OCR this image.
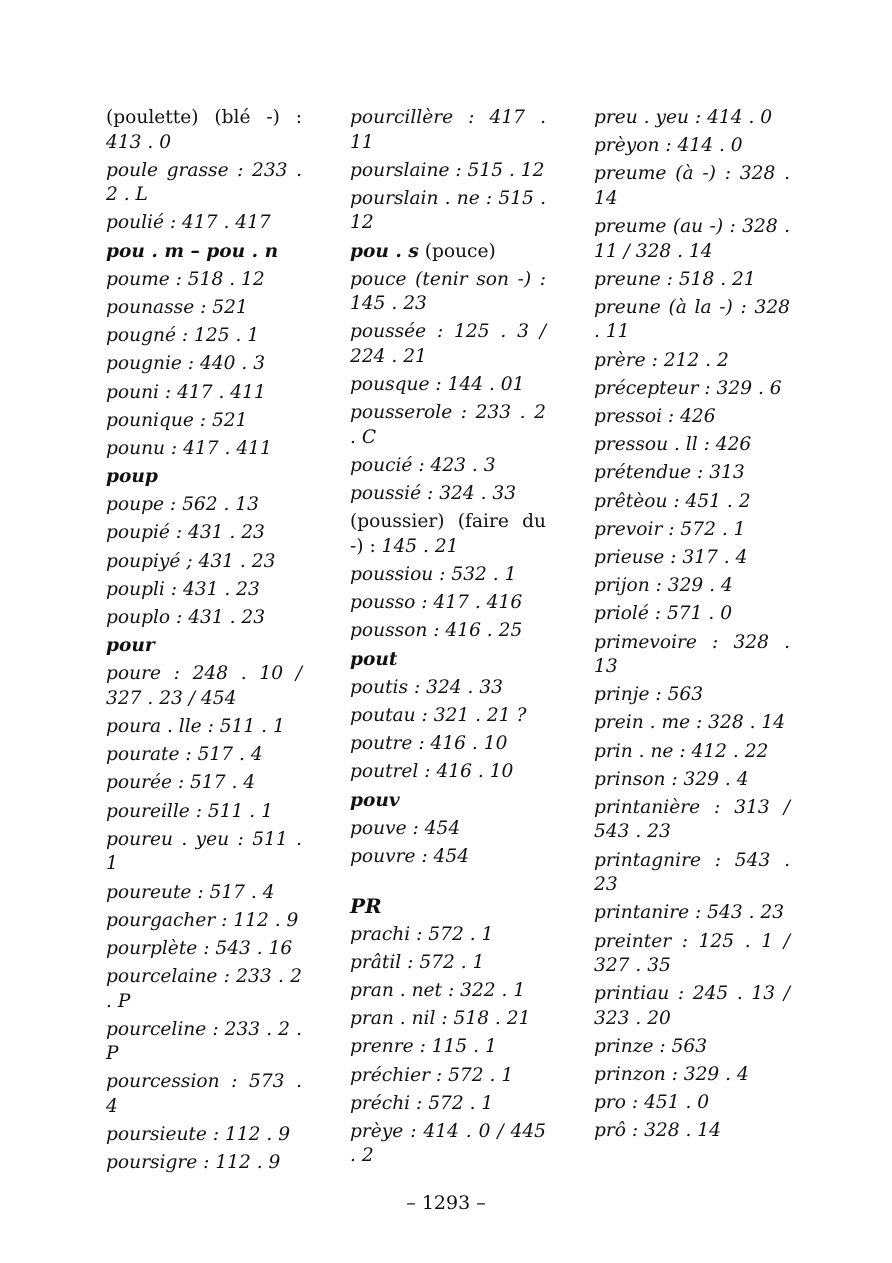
(poulette) (blé -) : 413 . 0
poule grasse : 233 . 2 . L
poulié : 417 . 417
pou . m – pou . n
poume : 518 . 12
pounasse : 521
pougné : 125 . 1
pougnie : 440 . 3
pouni : 417 . 411
pounique : 521
pounu : 417 . 411
poup
poupe : 562 . 13
poupié : 431 . 23
poupiyé ; 431 . 23
poupli : 431 . 23
pouplo : 431 . 23
pour
poure : 248 . 10 / 327 . 23 / 454
poura . lle : 511 . 1
pourate : 517 . 4
pourée : 517 . 4
poureille : 511 . 1
poureu . yeu : 511 . 1
poureute : 517 . 4
pourgacher : 112 . 9
pourplète : 543 . 16
pourcelaine : 233 . 2 . P
pourceline : 233 . 2 . P
pourcession : 573 . 4
poursieute : 112 . 9
poursigre : 112 . 9
pourcillère : 417 . 11
pourslaine : 515 . 12
pourslain . ne : 515 . 12
pou . s (pouce)
pouce (tenir son -) : 145 . 23
poussée : 125 . 3 / 224 . 21
pousque : 144 . 01
pousserole : 233 . 2 . C
poucié : 423 . 3
poussié : 324 . 33
(poussier) (faire du -) : 145 . 21
poussiou : 532 . 1
pousso : 417 . 416
pousson : 416 . 25
pout
poutis : 324 . 33
poutau : 321 . 21 ?
poutre : 416 . 10
poutrel : 416 . 10
pouv
pouve : 454
pouvre : 454
PR
prachi : 572 . 1
prâtil : 572 . 1
pran . net : 322 . 1
pran . nil : 518 . 21
prenre : 115 . 1
préchier : 572 . 1
préchi : 572 . 1
prèye : 414 . 0 / 445 . 2
preu . yeu : 414 . 0
prèyon : 414 . 0
preume (à -) : 328 . 14
preume (au -) : 328 . 11 / 328 . 14
preune : 518 . 21
preune (à la -) : 328 . 11
prère : 212 . 2
précepteur : 329 . 6
pressoi : 426
pressou . ll : 426
prétendue : 313
prêtèou : 451 . 2
prevoir : 572 . 1
prieuse : 317 . 4
prijon : 329 . 4
priolé : 571 . 0
primevoire : 328 . 13
prinje : 563
prein . me : 328 . 14
prin . ne : 412 . 22
prinson : 329 . 4
printanière : 313 / 543 . 23
printagnire : 543 . 23
printanire : 543 . 23
preinter : 125 . 1 / 327 . 35
printiau : 245 . 13 / 323 . 20
prinze : 563
prinzon : 329 . 4
pro : 451 . 0
prô : 328 . 14
– 1293 –
